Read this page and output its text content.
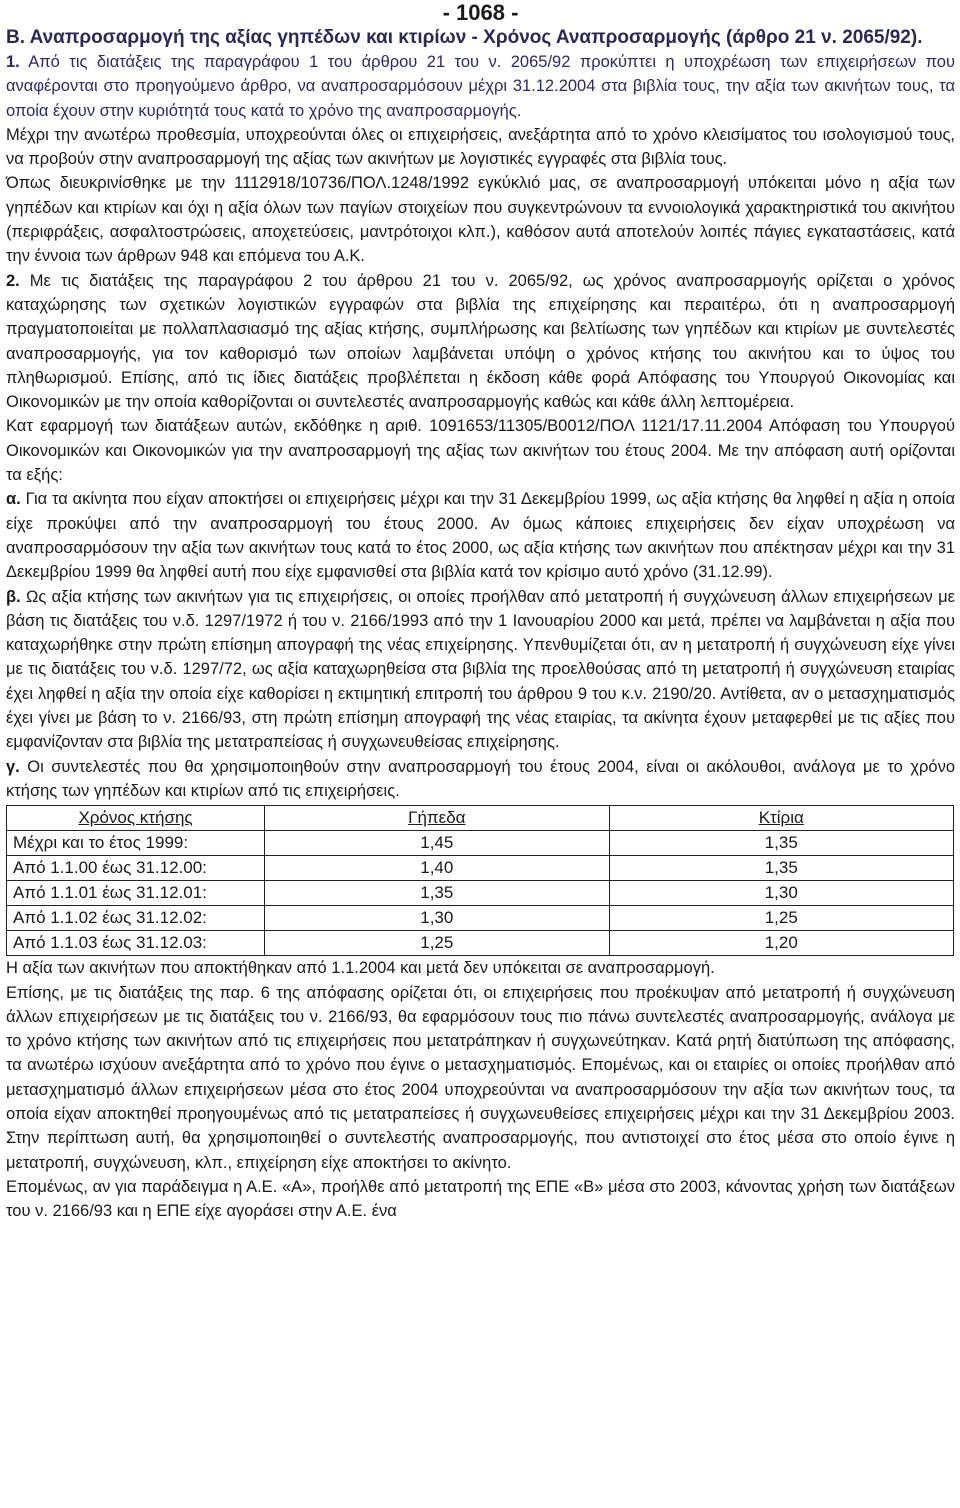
- 1068 -

Β. Αναπροσαρμογή της αξίας γηπέδων και κτιρίων - Χρόνος Αναπροσαρμογής (άρθρο 21 ν. 2065/92).

1. Από τις διατάξεις της παραγράφου 1 του άρθρου 21 του ν. 2065/92 προκύπτει η υποχρέωση των επιχειρήσεων που αναφέρονται στο προηγούμενο άρθρο, να αναπροσαρμόσουν μέχρι 31.12.2004 στα βιβλία τους, την αξία των ακινήτων τους, τα οποία έχουν στην κυριότητά τους κατά το χρόνο της αναπροσαρμογής.

Μέχρι την ανωτέρω προθεσμία, υποχρεούνται όλες οι επιχειρήσεις, ανεξάρτητα από το χρόνο κλεισίματος του ισολογισμού τους, να προβούν στην αναπροσαρμογή της αξίας των ακινήτων με λογιστικές εγγραφές στα βιβλία τους.

Όπως διευκρινίσθηκε με την 1112918/10736/ΠΟΛ.1248/1992 εγκύκλιό μας, σε αναπροσαρμογή υπόκειται μόνο η αξία των γηπέδων και κτιρίων και όχι η αξία όλων των παγίων στοιχείων που συγκεντρώνουν τα εννοιολογικά χαρακτηριστικά του ακινήτου (περιφράξεις, ασφαλτοστρώσεις, αποχετεύσεις, μαντρότοιχοι κλπ.), καθόσον αυτά αποτελούν λοιπές πάγιες εγκαταστάσεις, κατά την έννοια των άρθρων 948 και επόμενα του Α.Κ.

2. Με τις διατάξεις της παραγράφου 2 του άρθρου 21 του ν. 2065/92, ως χρόνος αναπροσαρμογής ορίζεται ο χρόνος καταχώρησης των σχετικών λογιστικών εγγραφών στα βιβλία της επιχείρησης και περαιτέρω, ότι η αναπροσαρμογή πραγματοποιείται με πολλαπλασιασμό της αξίας κτήσης, συμπλήρωσης και βελτίωσης των γηπέδων και κτιρίων με συντελεστές αναπροσαρμογής, για τον καθορισμό των οποίων λαμβάνεται υπόψη ο χρόνος κτήσης του ακινήτου και το ύψος του πληθωρισμού. Επίσης, από τις ίδιες διατάξεις προβλέπεται η έκδοση κάθε φορά Απόφασης του Υπουργού Οικονομίας και Οικονομικών με την οποία καθορίζονται οι συντελεστές αναπροσαρμογής καθώς και κάθε άλλη λεπτομέρεια.

Κατ εφαρμογή των διατάξεων αυτών, εκδόθηκε η αριθ. 1091653/11305/Β0012/ΠΟΛ 1121/17.11.2004 Απόφαση του Υπουργού Οικονομικών και Οικονομικών για την αναπροσαρμογή της αξίας των ακινήτων του έτους 2004. Με την απόφαση αυτή ορίζονται τα εξής:

α. Για τα ακίνητα που είχαν αποκτήσει οι επιχειρήσεις μέχρι και την 31 Δεκεμβρίου 1999, ως αξία κτήσης θα ληφθεί η αξία η οποία είχε προκύψει από την αναπροσαρμογή του έτους 2000. Αν όμως κάποιες επιχειρήσεις δεν είχαν υποχρέωση να αναπροσαρμόσουν την αξία των ακινήτων τους κατά το έτος 2000, ως αξία κτήσης των ακινήτων που απέκτησαν μέχρι και την 31 Δεκεμβρίου 1999 θα ληφθεί αυτή που είχε εμφανισθεί στα βιβλία κατά τον κρίσιμο αυτό χρόνο (31.12.99).

β. Ως αξία κτήσης των ακινήτων για τις επιχειρήσεις, οι οποίες προήλθαν από μετατροπή ή συγχώνευση άλλων επιχειρήσεων με βάση τις διατάξεις του ν.δ. 1297/1972 ή του ν. 2166/1993 από την 1 Ιανουαρίου 2000 και μετά, πρέπει να λαμβάνεται η αξία που καταχωρήθηκε στην πρώτη επίσημη απογραφή της νέας επιχείρησης. Υπενθυμίζεται ότι, αν η μετατροπή ή συγχώνευση είχε γίνει με τις διατάξεις του ν.δ. 1297/72, ως αξία καταχωρηθείσα στα βιβλία της προελθούσας από τη μετατροπή ή συγχώνευση εταιρίας έχει ληφθεί η αξία την οποία είχε καθορίσει η εκτιμητική επιτροπή του άρθρου 9 του κ.ν. 2190/20. Αντίθετα, αν ο μετασχηματισμός έχει γίνει με βάση το ν. 2166/93, στη πρώτη επίσημη απογραφή της νέας εταιρίας, τα ακίνητα έχουν μεταφερθεί με τις αξίες που εμφανίζονταν στα βιβλία της μετατραπείσας ή συγχωνευθείσας επιχείρησης.

γ. Οι συντελεστές που θα χρησιμοποιηθούν στην αναπροσαρμογή του έτους 2004, είναι οι ακόλουθοι, ανάλογα με το χρόνο κτήσης των γηπέδων και κτιρίων από τις επιχειρήσεις.

Χρόνος κτήσης	Γήπεδα	Κτίρια
Μέχρι και το έτος 1999:	1,45	1,35
Από 1.1.00 έως 31.12.00:	1,40	1,35
Από 1.1.01 έως 31.12.01:	1,35	1,30
Από 1.1.02 έως 31.12.02:	1,30	1,25
Από 1.1.03 έως 31.12.03:	1,25	1,20

Η αξία των ακινήτων που αποκτήθηκαν από 1.1.2004 και μετά δεν υπόκειται σε αναπροσαρμογή.

Επίσης, με τις διατάξεις της παρ. 6 της απόφασης ορίζεται ότι, οι επιχειρήσεις που προέκυψαν από μετατροπή ή συγχώνευση άλλων επιχειρήσεων με τις διατάξεις του ν. 2166/93, θα εφαρμόσουν τους πιο πάνω συντελεστές αναπροσαρμογής, ανάλογα με το χρόνο κτήσης των ακινήτων από τις επιχειρήσεις που μετατράπηκαν ή συγχωνεύτηκαν. Κατά ρητή διατύπωση της απόφασης, τα ανωτέρω ισχύουν ανεξάρτητα από το χρόνο που έγινε ο μετασχηματισμός. Επομένως, και οι εταιρίες οι οποίες προήλθαν από μετασχηματισμό άλλων επιχειρήσεων μέσα στο έτος 2004 υποχρεούνται να αναπροσαρμόσουν την αξία των ακινήτων τους, τα οποία είχαν αποκτηθεί προηγουμένως από τις μετατραπείσες ή συγχωνευθείσες επιχειρήσεις μέχρι και την 31 Δεκεμβρίου 2003. Στην περίπτωση αυτή, θα χρησιμοποιηθεί ο συντελεστής αναπροσαρμογής, που αντιστοιχεί στο έτος μέσα στο οποίο έγινε η μετατροπή, συγχώνευση, κλπ., επιχείρηση είχε αποκτήσει το ακίνητο.

Επομένως, αν για παράδειγμα η Α.Ε. «Α», προήλθε από μετατροπή της ΕΠΕ «Β» μέσα στο 2003, κάνοντας χρήση των διατάξεων του ν. 2166/93 και η ΕΠΕ είχε αγοράσει στην Α.Ε. ένα
